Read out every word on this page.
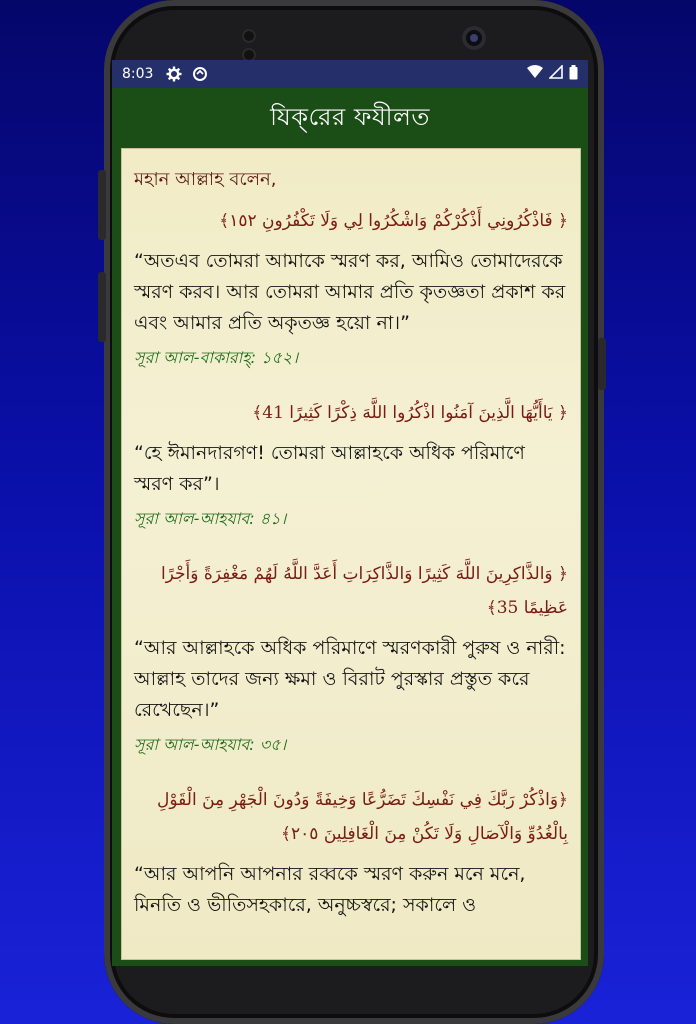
8:03
যিক্‌রের ফযীলত
মহান আল্লাহ বলেন,
﴿ فَاذْكُرُونِي أَذْكُرْكُمْ وَاشْكُرُوا لِي وَلَا تَكْفُرُونِ ١٥٢﴾
“অতএব তোমরা আমাকে স্মরণ কর, আমিও তোমাদেরকে স্মরণ করব। আর তোমরা আমার প্রতি কৃতজ্ঞতা প্রকাশ কর এবং আমার প্রতি অকৃতজ্ঞ হয়ো না।”
সূরা আল-বাকারাহ্‌: ১৫২।
﴿ يَاأَيُّهَا الَّذِينَ آمَنُوا اذْكُرُوا اللَّهَ ذِكْرًا كَثِيرًا 41﴾
“হে ঈমানদারগণ! তোমরা আল্লাহকে অধিক পরিমাণে স্মরণ কর”।
সূরা আল-আহযাব: ৪১।
﴿ وَالذَّاكِرِينَ اللَّهَ كَثِيرًا وَالذَّاكِرَاتِ أَعَدَّ اللَّهُ لَهُمْ مَغْفِرَةً وَأَجْرًا عَظِيمًا 35﴾
“আর আল্লাহকে অধিক পরিমাণে স্মরণকারী পুরুষ ও নারী: আল্লাহ তাদের জন্য ক্ষমা ও বিরাট পুরস্কার প্রস্তুত করে রেখেছেন।”
সূরা আল-আহযাব: ৩৫।
﴿وَاذْكُرْ رَبَّكَ فِي نَفْسِكَ تَضَرُّعًا وَخِيفَةً وَدُونَ الْجَهْرِ مِنَ الْقَوْلِ بِالْغُدُوِّ وَالْآصَالِ وَلَا تَكُنْ مِنَ الْغَافِلِينَ ٢٠٥﴾
“আর আপনি আপনার রব্বকে স্মরণ করুন মনে মনে, মিনতি ও ভীতিসহকারে, অনুচ্চস্বরে; সকালে ও
